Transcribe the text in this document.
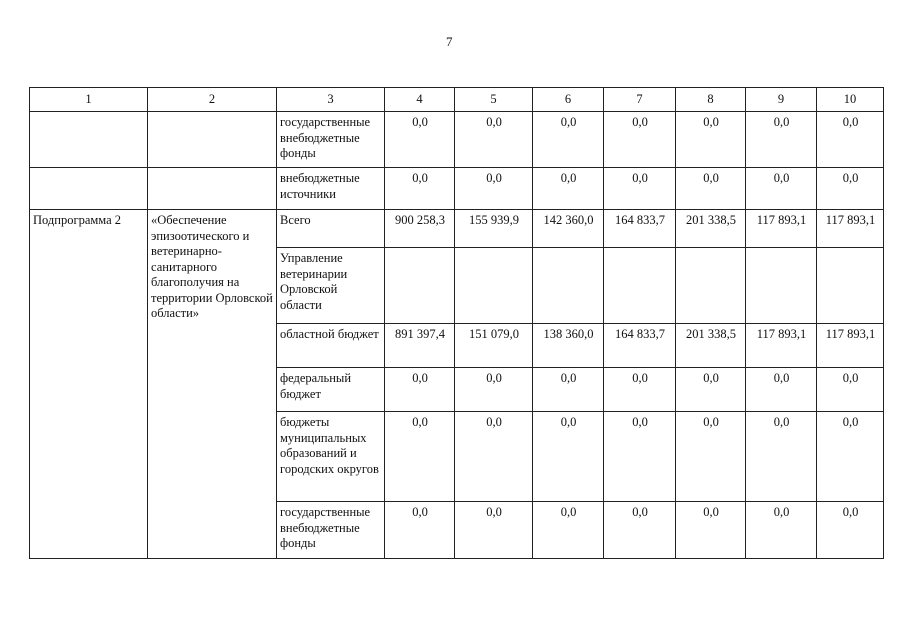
7
1	2	3	4	5	6	7	8	9	10
		государственные внебюджетные фонды	0,0	0,0	0,0	0,0	0,0	0,0	0,0
		внебюджетные источники	0,0	0,0	0,0	0,0	0,0	0,0	0,0
Подпрограмма 2	«Обеспечение эпизоотического и ветеринарно-санитарного благополучия на территории Орловской области»	Всего	900 258,3	155 939,9	142 360,0	164 833,7	201 338,5	117 893,1	117 893,1
		Управление ветеринарии Орловской области							
		областной бюджет	891 397,4	151 079,0	138 360,0	164 833,7	201 338,5	117 893,1	117 893,1
		федеральный бюджет	0,0	0,0	0,0	0,0	0,0	0,0	0,0
		бюджеты муниципальных образований и городских округов	0,0	0,0	0,0	0,0	0,0	0,0	0,0
		государственные внебюджетные фонды	0,0	0,0	0,0	0,0	0,0	0,0	0,0
